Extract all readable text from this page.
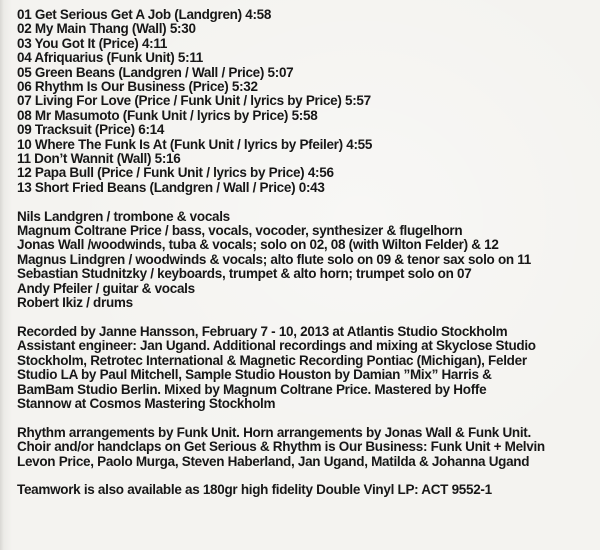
01 Get Serious Get A Job (Landgren) 4:58
02 My Main Thang (Wall) 5:30
03 You Got It (Price) 4:11
04 Afriquarius (Funk Unit) 5:11
05 Green Beans (Landgren / Wall / Price) 5:07
06 Rhythm Is Our Business (Price) 5:32
07 Living For Love (Price / Funk Unit / lyrics by Price) 5:57
08 Mr Masumoto (Funk Unit / lyrics by Price) 5:58
09 Tracksuit (Price) 6:14
10 Where The Funk Is At (Funk Unit / lyrics by Pfeiler) 4:55
11 Don’t Wannit (Wall) 5:16
12 Papa Bull (Price / Funk Unit / lyrics by Price) 4:56
13 Short Fried Beans (Landgren / Wall / Price) 0:43
Nils Landgren / trombone & vocals
Magnum Coltrane Price / bass, vocals, vocoder, synthesizer & flugelhorn
Jonas Wall /woodwinds, tuba & vocals; solo on 02, 08 (with Wilton Felder) & 12
Magnus Lindgren / woodwinds & vocals; alto flute solo on 09 & tenor sax solo on 11
Sebastian Studnitzky / keyboards, trumpet & alto horn; trumpet solo on 07
Andy Pfeiler / guitar & vocals
Robert Ikiz / drums
Recorded by Janne Hansson, February 7 - 10, 2013 at Atlantis Studio Stockholm
Assistant engineer: Jan Ugand. Additional recordings and mixing at Skyclose Studio
Stockholm, Retrotec International & Magnetic Recording Pontiac (Michigan), Felder
Studio LA by Paul Mitchell, Sample Studio Houston by Damian ”Mix” Harris &
BamBam Studio Berlin. Mixed by Magnum Coltrane Price. Mastered by Hoffe
Stannow at Cosmos Mastering Stockholm
Rhythm arrangements by Funk Unit. Horn arrangements by Jonas Wall & Funk Unit.
Choir and/or handclaps on Get Serious & Rhythm is Our Business: Funk Unit + Melvin
Levon Price, Paolo Murga, Steven Haberland, Jan Ugand, Matilda & Johanna Ugand
Teamwork is also available as 180gr high fidelity Double Vinyl LP: ACT 9552-1
